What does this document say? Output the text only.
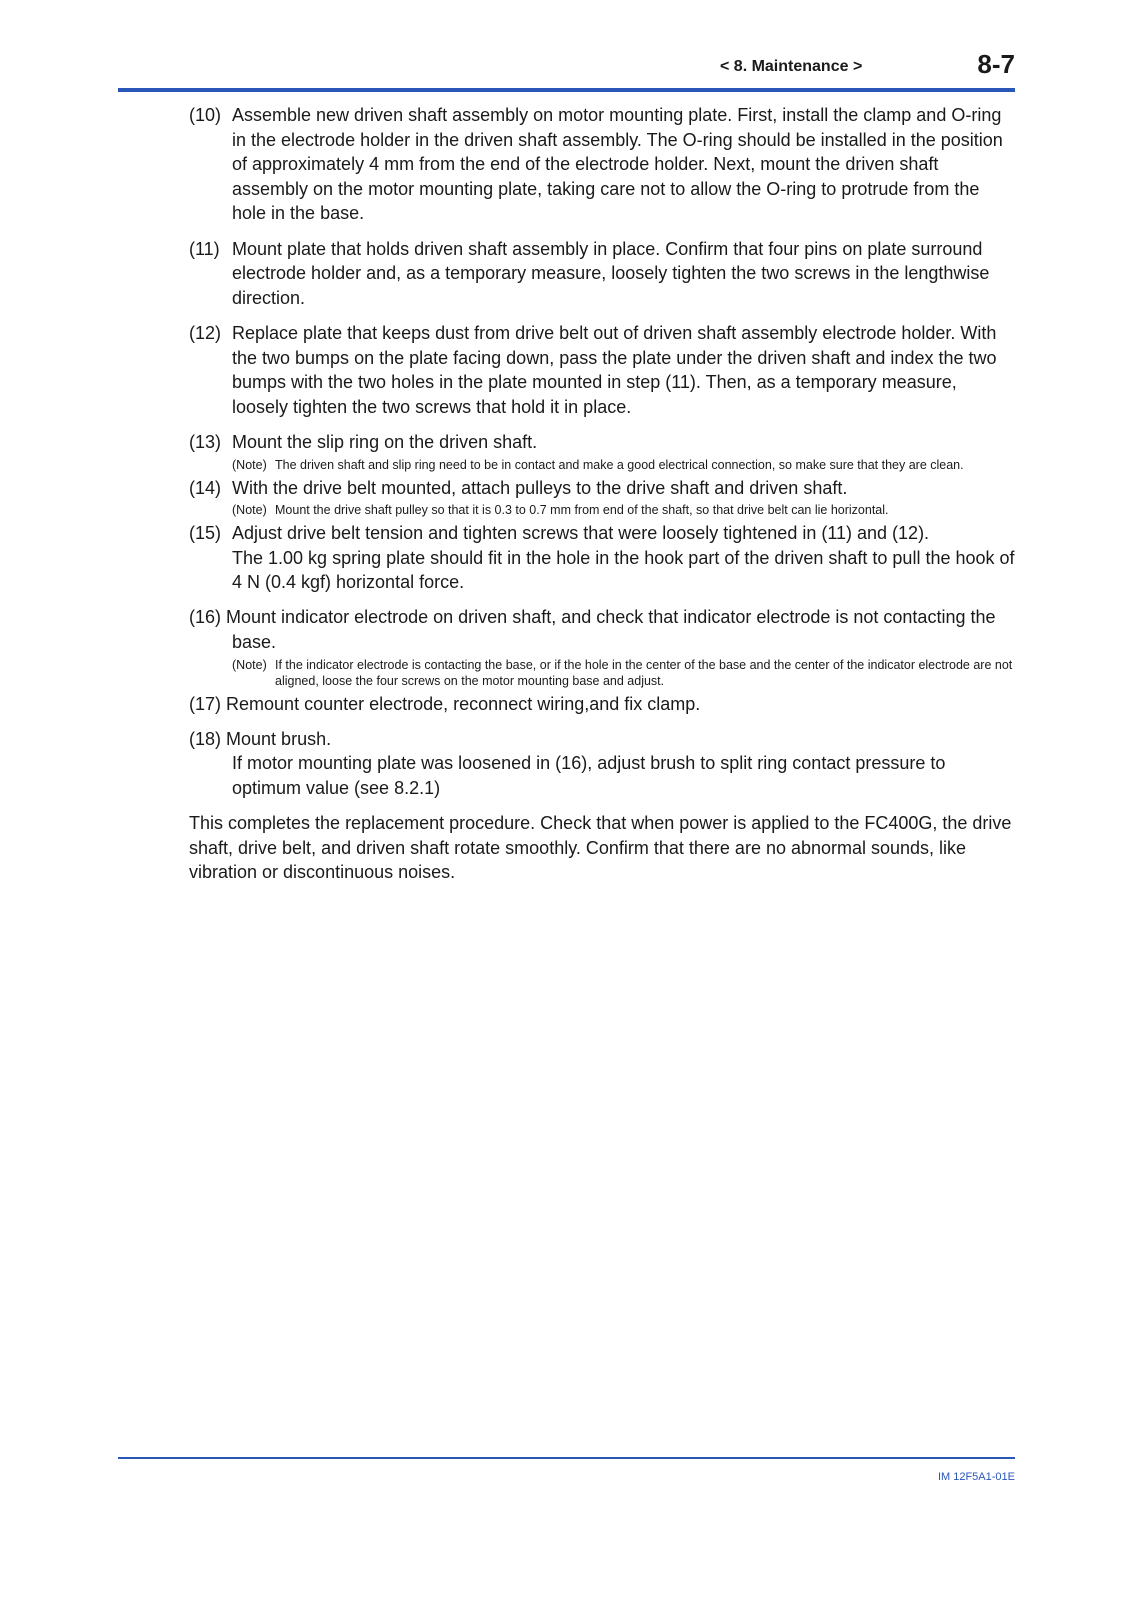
< 8. Maintenance >	8-7
(10) Assemble new driven shaft assembly on motor mounting plate. First, install the clamp and O-ring in the electrode holder in the driven shaft assembly. The O-ring should be installed in the position of approximately 4 mm from the end of the electrode holder. Next, mount the driven shaft assembly on the motor mounting plate, taking care not to allow the O-ring to protrude from the hole in the base.
(11) Mount plate that holds driven shaft assembly in place. Confirm that four pins on plate surround electrode holder and, as a temporary measure, loosely tighten the two screws in the lengthwise direction.
(12) Replace plate that keeps dust from drive belt out of driven shaft assembly electrode holder. With the two bumps on the plate facing down, pass the plate under the driven shaft and index the two bumps with the two holes in the plate mounted in step (11). Then, as a temporary measure, loosely tighten the two screws that hold it in place.
(13) Mount the slip ring on the driven shaft.
(Note) The driven shaft and slip ring need to be in contact and make a good electrical connection, so make sure that they are clean.
(14) With the drive belt mounted, attach pulleys to the drive shaft and driven shaft.
(Note) Mount the drive shaft pulley so that it is 0.3 to 0.7 mm from end of the shaft, so that drive belt can lie horizontal.
(15) Adjust drive belt tension and tighten screws that were loosely tightened in (11) and (12).
The 1.00 kg spring plate should fit in the hole in the hook part of the driven shaft to pull the hook of 4 N (0.4 kgf) horizontal force.
(16) Mount indicator electrode on driven shaft, and check that indicator electrode is not contacting the
base.
(Note) If the indicator electrode is contacting the base, or if the hole in the center of the base and the center of the indicator electrode are not aligned, loose the four screws on the motor mounting base and adjust.
(17) Remount counter electrode, reconnect wiring,and fix clamp.
(18) Mount brush.
If motor mounting plate was loosened in (16), adjust brush to split ring contact pressure to optimum value (see 8.2.1)
This completes the replacement procedure. Check that when power is applied to the FC400G, the drive shaft, drive belt, and driven shaft rotate smoothly. Confirm that there are no abnormal sounds, like vibration or discontinuous noises.
IM 12F5A1-01E
